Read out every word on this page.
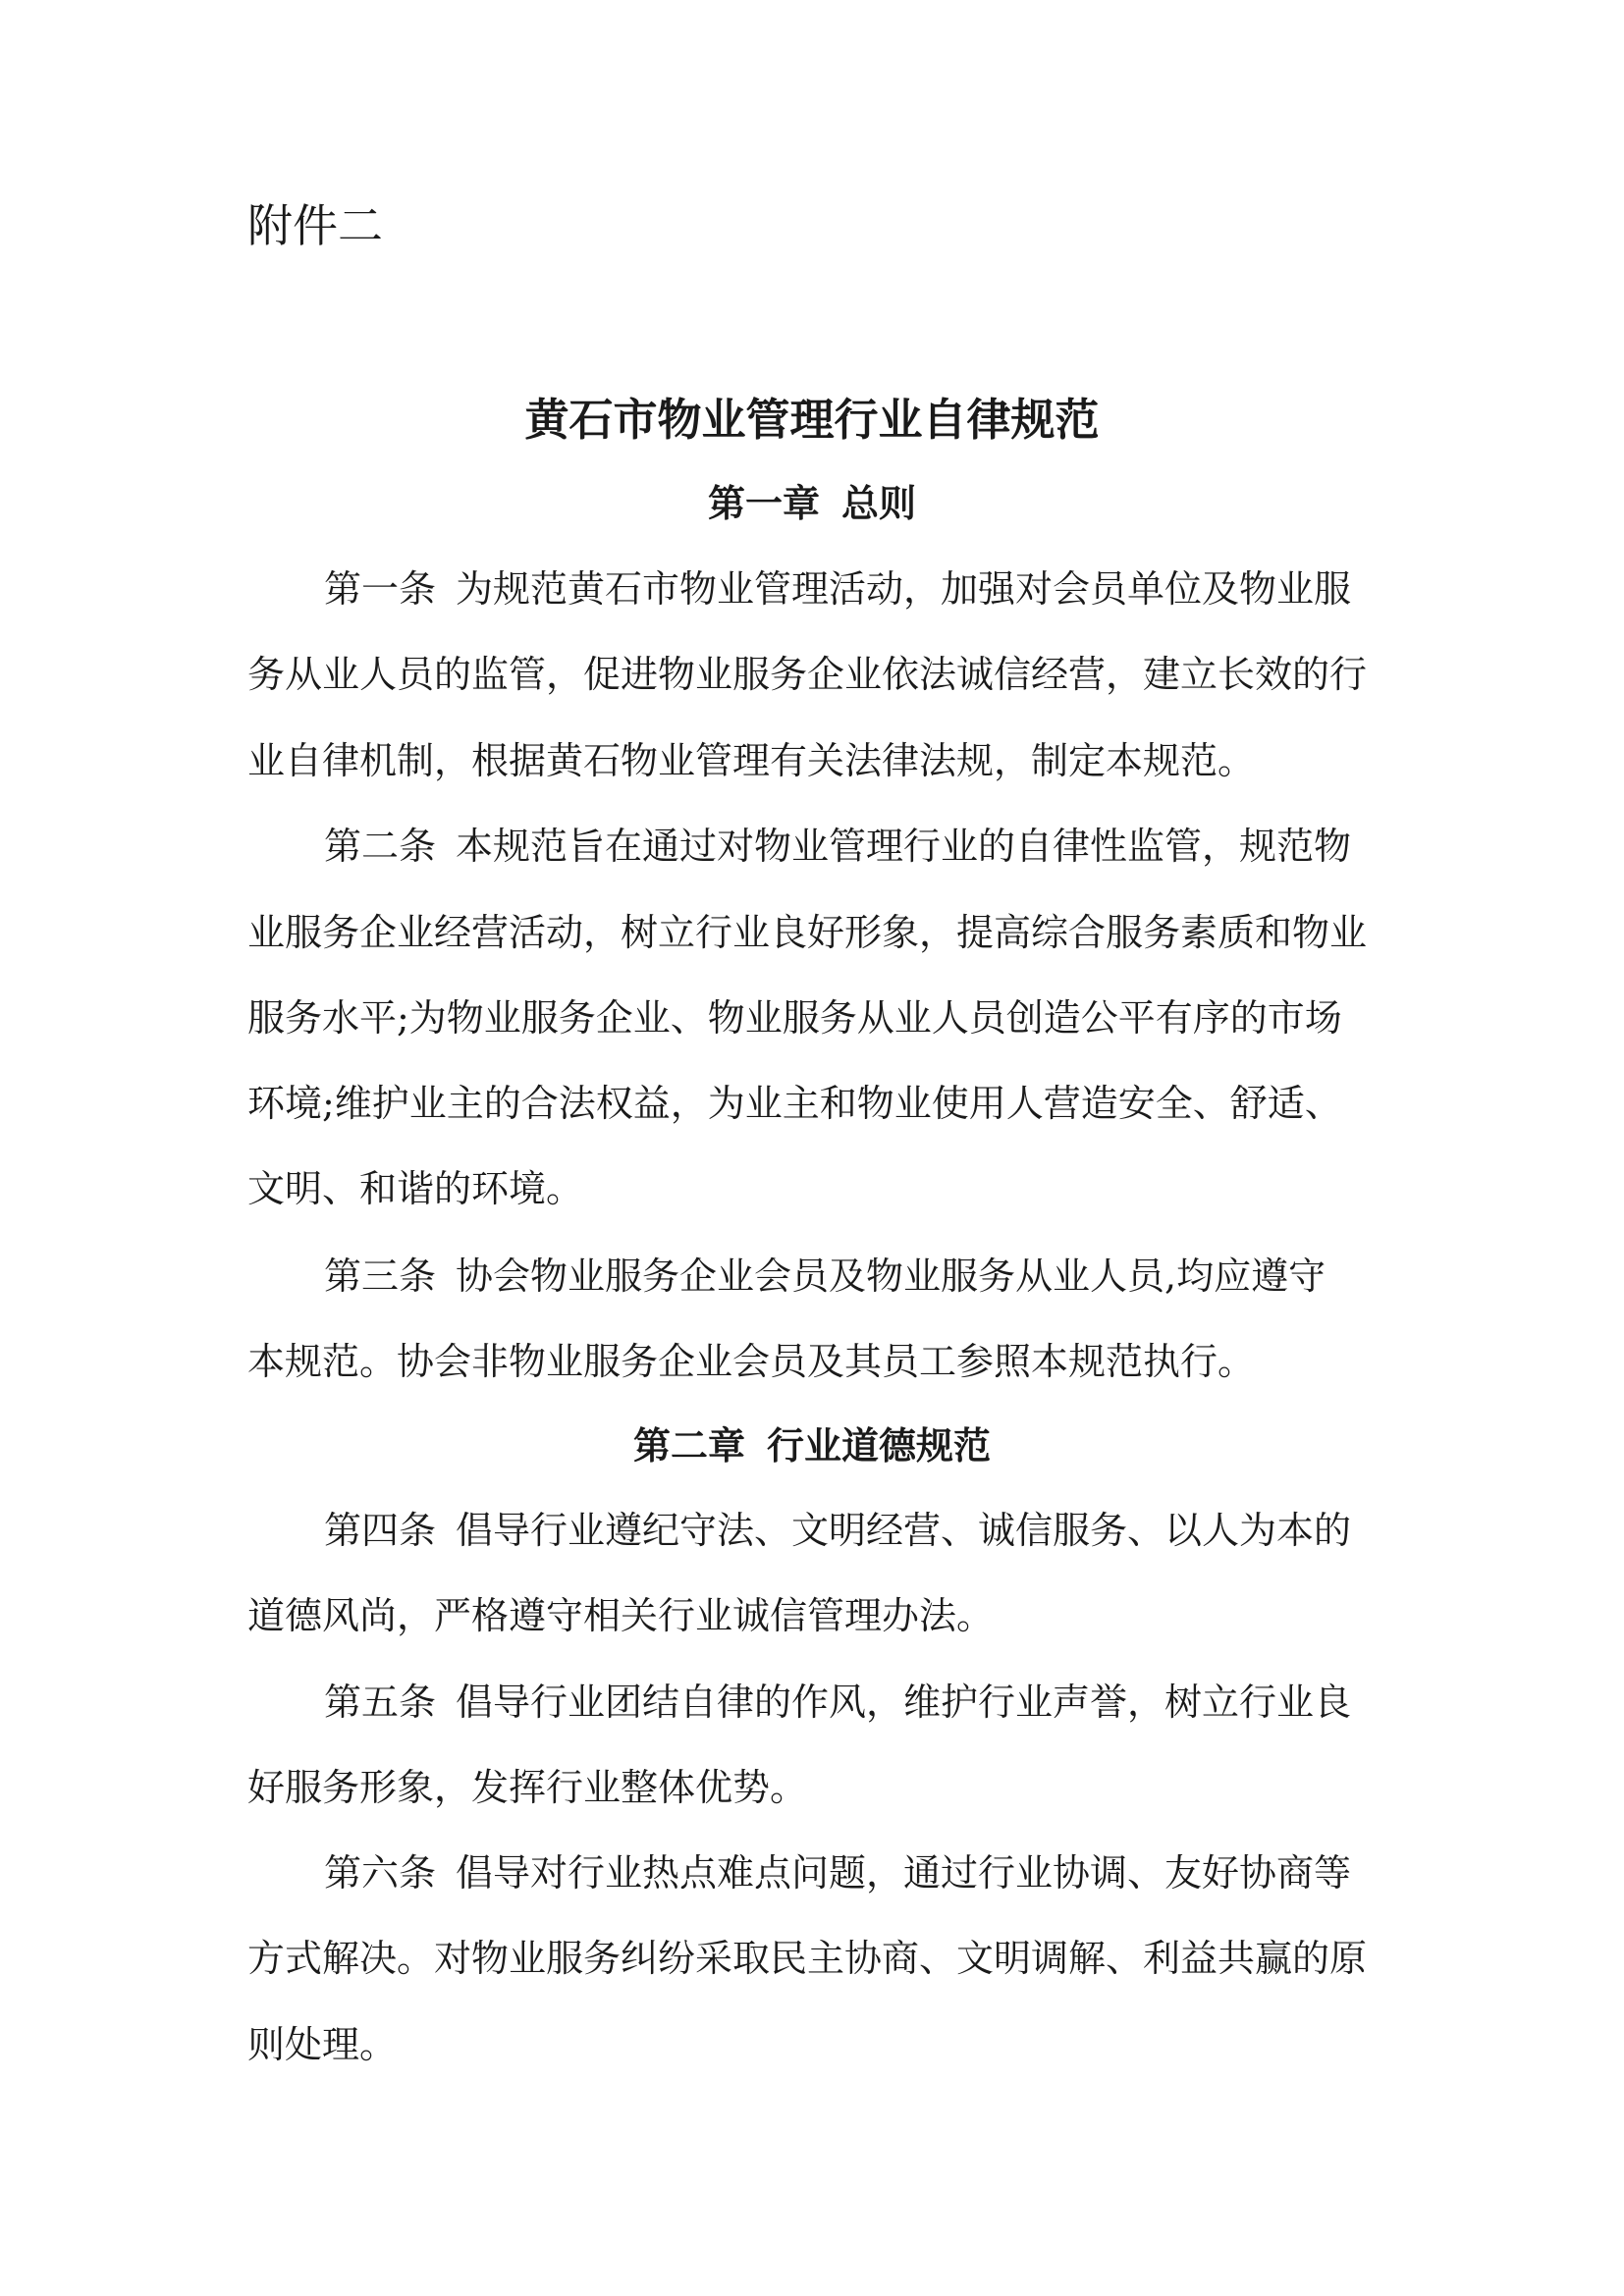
附件二
黄石市物业管理行业自律规范
第一章 总则
第一条 为规范黄石市物业管理活动，加强对会员单位及物业服
务从业人员的监管，促进物业服务企业依法诚信经营，建立长效的行
业自律机制，根据黄石物业管理有关法律法规，制定本规范。
第二条 本规范旨在通过对物业管理行业的自律性监管，规范物
业服务企业经营活动，树立行业良好形象，提高综合服务素质和物业
服务水平;为物业服务企业、物业服务从业人员创造公平有序的市场
环境;维护业主的合法权益，为业主和物业使用人营造安全、舒适、
文明、和谐的环境。
第三条 协会物业服务企业会员及物业服务从业人员,均应遵守
本规范。协会非物业服务企业会员及其员工参照本规范执行。
第二章 行业道德规范
第四条 倡导行业遵纪守法、文明经营、诚信服务、以人为本的
道德风尚，严格遵守相关行业诚信管理办法。
第五条 倡导行业团结自律的作风，维护行业声誉，树立行业良
好服务形象，发挥行业整体优势。
第六条 倡导对行业热点难点问题，通过行业协调、友好协商等
方式解决。对物业服务纠纷采取民主协商、文明调解、利益共赢的原
则处理。
